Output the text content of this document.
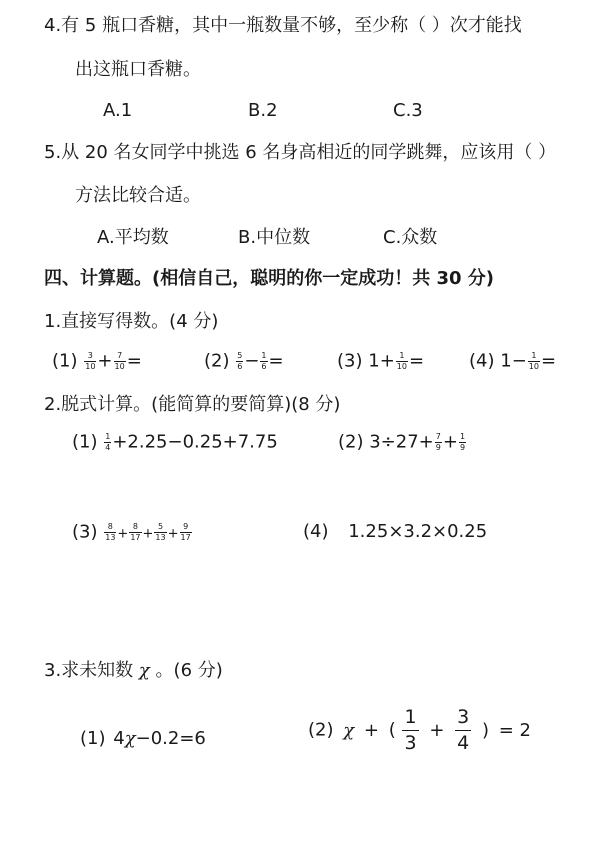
4.有 5 瓶口香糖，其中一瓶数量不够，至少称（ ）次才能找
出这瓶口香糖。
A.1	B.2	C.3
5.从 20 名女同学中挑选 6 名身高相近的同学跳舞，应该用（ ）
方法比较合适。
A.平均数	B.中位数	C.众数
四、计算题。(相信自己，聪明的你一定成功！共 30 分)
1.直接写得数。(4 分)
$(1) \frac{3}{10} + \frac{7}{10}$ =	$(2) \frac{5}{6} - \frac{1}{6}$ =	(3) $1+ \frac{1}{10} = (4)$ $1- \frac{1}{10}$ =
2.脱式计算。(能简算的要简算)(8 分)
$(1) \frac{1}{4} +2.25-0.25+7.75$	(2) $3\div 27+ \frac{7}{9} + \frac{1}{9}$
$(3) \frac{8}{13} + \frac{8}{17} + \frac{5}{13} + \frac{9}{17}$	(4) 1.25×3.2×0.25
3.求未知数 χ 。(6 分)
(1) 4χ−0.2=6	(2) χ + ( $\frac{1}{3} + \frac{3}{4}$ ) = 2
